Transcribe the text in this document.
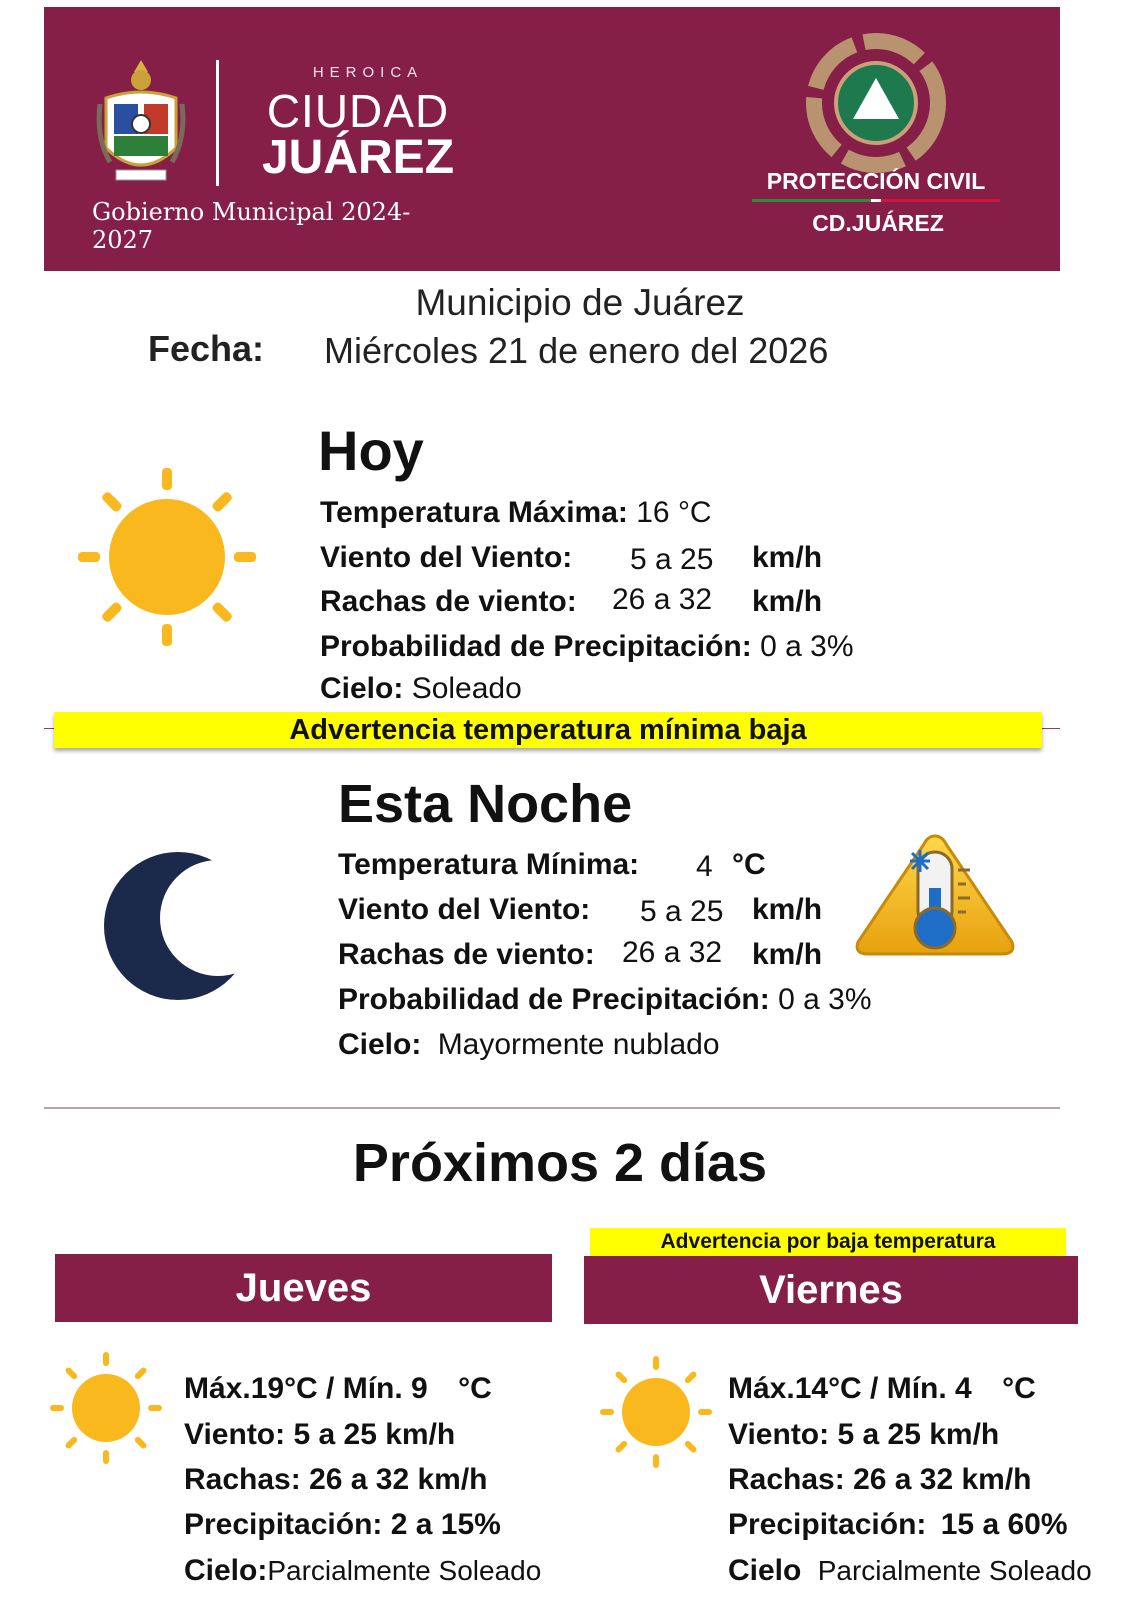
HEROICA
CIUDAD
JUÁREZ
Gobierno Municipal 2024-2027
PROTECCIÓN CIVIL
CD.JUÁREZ
Municipio de Juárez
Fecha: Miércoles 21 de enero del 2026
Hoy
Temperatura Máxima: 16 °C
Viento del Viento: 5 a 25 km/h
Rachas de viento: 26 a 32 km/h
Probabilidad de Precipitación: 0 a 3%
Cielo: Soleado
Advertencia temperatura mínima baja
Esta Noche
Temperatura Mínima: 4 °C
Viento del Viento: 5 a 25 km/h
Rachas de viento: 26 a 32 km/h
Probabilidad de Precipitación: 0 a 3%
Cielo: Mayormente nublado
Próximos 2 días
Advertencia por baja temperatura
Jueves
Máx.19°C / Mín. 9 °C
Viento: 5 a 25 km/h
Rachas: 26 a 32 km/h
Precipitación: 2 a 15%
Cielo:Parcialmente Soleado
Viernes
Máx.14°C / Mín. 4 °C
Viento: 5 a 25 km/h
Rachas: 26 a 32 km/h
Precipitación: 15 a 60%
Cielo Parcialmente Soleado
